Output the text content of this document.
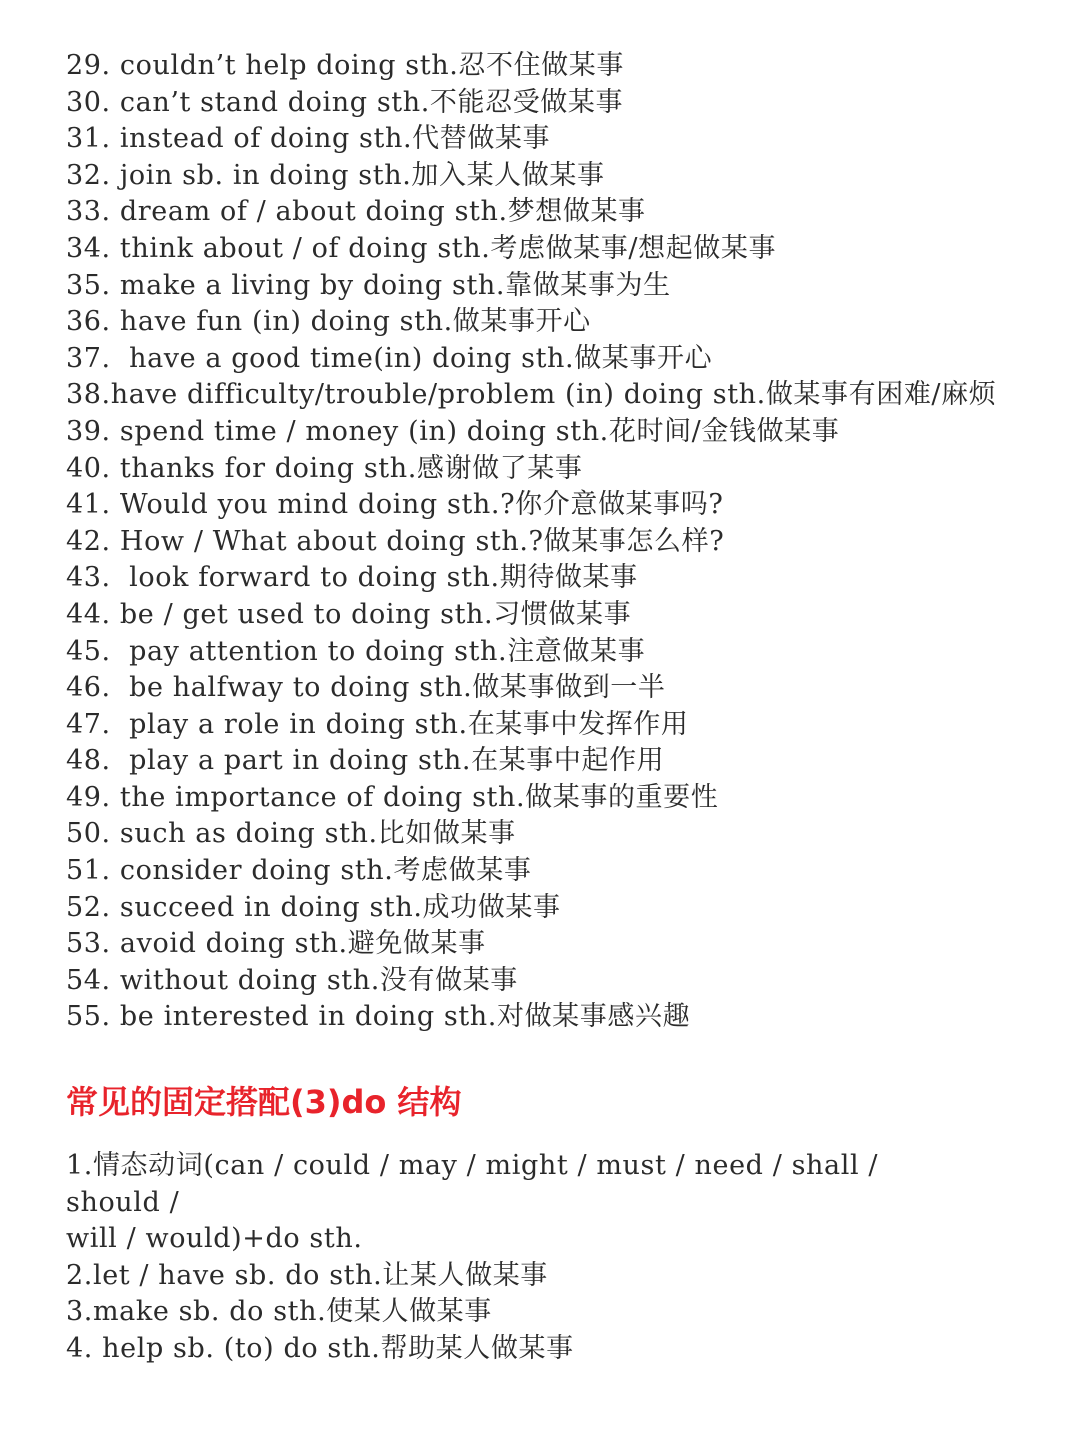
29. couldn’t help doing sth.忍不住做某事
30. can’t stand doing sth.不能忍受做某事
31. instead of doing sth.代替做某事
32. join sb. in doing sth.加入某人做某事
33. dream of / about doing sth.梦想做某事
34. think about / of doing sth.考虑做某事/想起做某事
35. make a living by doing sth.靠做某事为生
36. have fun (in) doing sth.做某事开心
37.  have a good time(in) doing sth.做某事开心
38.have difficulty/trouble/problem (in) doing sth.做某事有困难/麻烦
39. spend time / money (in) doing sth.花时间/金钱做某事
40. thanks for doing sth.感谢做了某事
41. Would you mind doing sth.?你介意做某事吗?
42. How / What about doing sth.?做某事怎么样?
43.  look forward to doing sth.期待做某事
44. be / get used to doing sth.习惯做某事
45.  pay attention to doing sth.注意做某事
46.  be halfway to doing sth.做某事做到一半
47.  play a role in doing sth.在某事中发挥作用
48.  play a part in doing sth.在某事中起作用
49. the importance of doing sth.做某事的重要性
50. such as doing sth.比如做某事
51. consider doing sth.考虑做某事
52. succeed in doing sth.成功做某事
53. avoid doing sth.避免做某事
54. without doing sth.没有做某事
55. be interested in doing sth.对做某事感兴趣
常见的固定搭配(3)do 结构
1.情态动词(can / could / may / might / must / need / shall / should /
will / would)+do sth.
2.let / have sb. do sth.让某人做某事
3.make sb. do sth.使某人做某事
4. help sb. (to) do sth.帮助某人做某事
